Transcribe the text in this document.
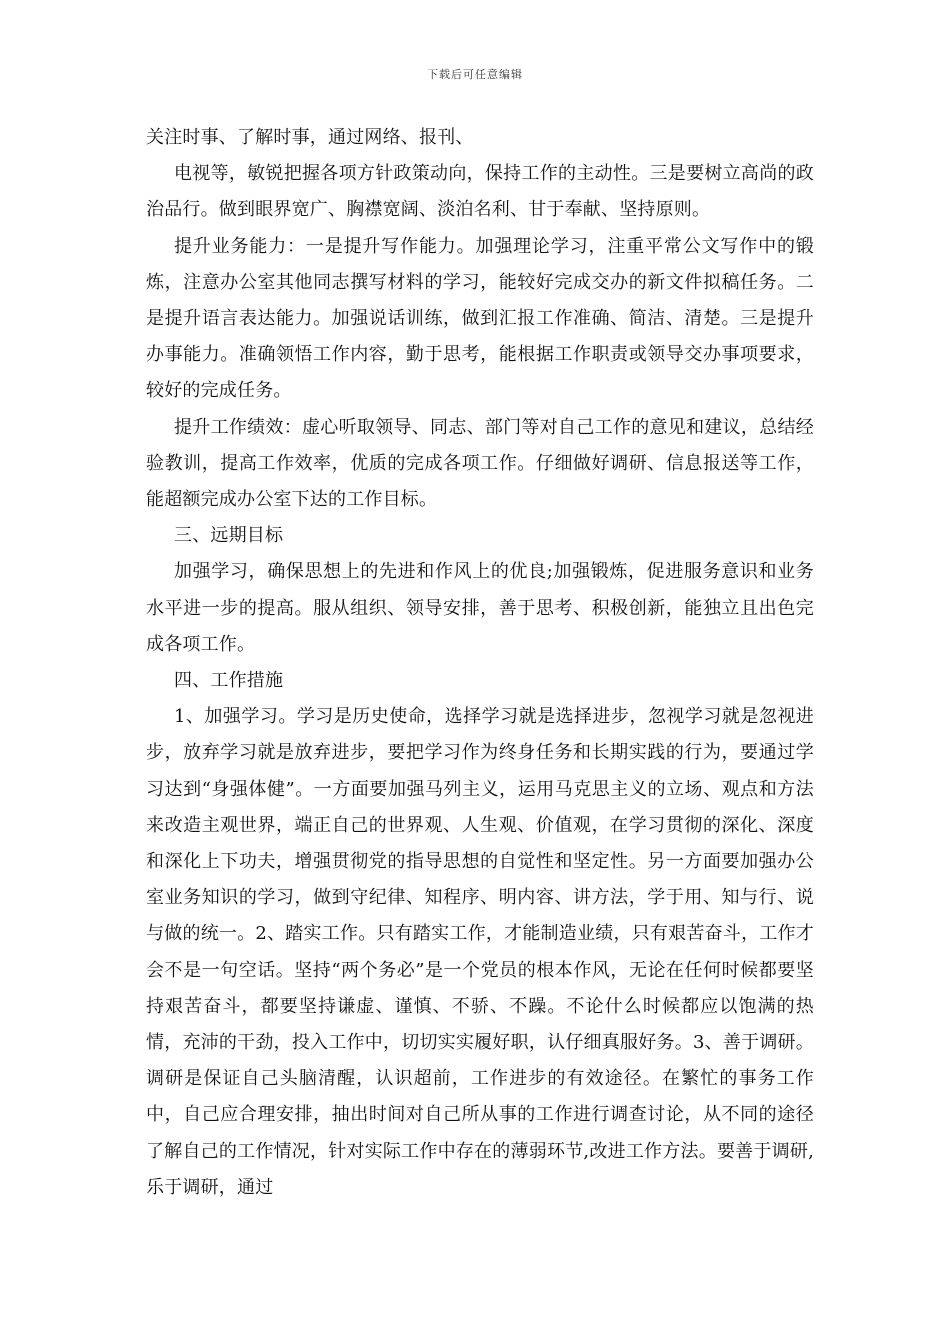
下载后可任意编辑

关注时事、了解时事，通过网络、报刊、

电视等，敏锐把握各项方针政策动向，保持工作的主动性。三是要树立高尚的政治品行。做到眼界宽广、胸襟宽阔、淡泊名利、甘于奉献、坚持原则。

提升业务能力：一是提升写作能力。加强理论学习，注重平常公文写作中的锻炼，注意办公室其他同志撰写材料的学习，能较好完成交办的新文件拟稿任务。二是提升语言表达能力。加强说话训练，做到汇报工作准确、简洁、清楚。三是提升办事能力。准确领悟工作内容，勤于思考，能根据工作职责或领导交办事项要求，较好的完成任务。

提升工作绩效：虚心听取领导、同志、部门等对自己工作的意见和建议，总结经验教训，提高工作效率，优质的完成各项工作。仔细做好调研、信息报送等工作，能超额完成办公室下达的工作目标。

三、远期目标

加强学习，确保思想上的先进和作风上的优良;加强锻炼，促进服务意识和业务水平进一步的提高。服从组织、领导安排，善于思考、积极创新，能独立且出色完成各项工作。

四、工作措施

1、加强学习。学习是历史使命，选择学习就是选择进步，忽视学习就是忽视进步，放弃学习就是放弃进步，要把学习作为终身任务和长期实践的行为，要通过学习达到“身强体健”。一方面要加强马列主义，运用马克思主义的立场、观点和方法来改造主观世界，端正自己的世界观、人生观、价值观，在学习贯彻的深化、深度和深化上下功夫，增强贯彻党的指导思想的自觉性和坚定性。另一方面要加强办公室业务知识的学习，做到守纪律、知程序、明内容、讲方法，学于用、知与行、说与做的统一。2、踏实工作。只有踏实工作，才能制造业绩，只有艰苦奋斗，工作才会不是一句空话。坚持“两个务必”是一个党员的根本作风，无论在任何时候都要坚持艰苦奋斗，都要坚持谦虚、谨慎、不骄、不躁。不论什么时候都应以饱满的热情，充沛的干劲，投入工作中，切切实实履好职，认仔细真服好务。3、善于调研。调研是保证自己头脑清醒，认识超前，工作进步的有效途径。在繁忙的事务工作中，自己应合理安排，抽出时间对自己所从事的工作进行调查讨论，从不同的途径了解自己的工作情况，针对实际工作中存在的薄弱环节,改进工作方法。要善于调研,乐于调研，通过
